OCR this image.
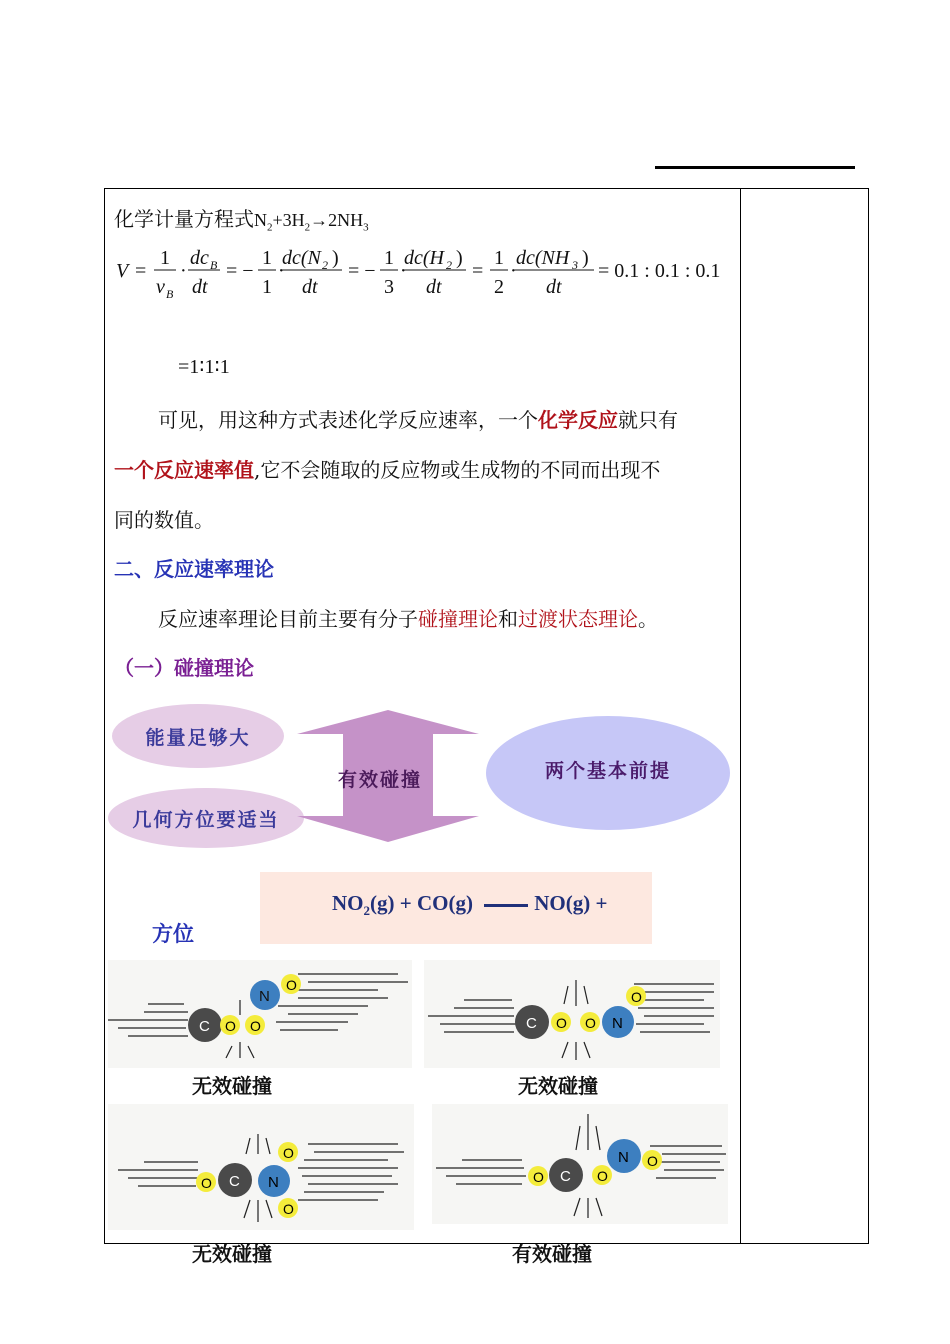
化学计量方程式$N_2+3H_2\to 2NH_3$
V =
1
v B
·
dc B
dt
= −
1
1
·
dc(N 2 )
dt
= −
1
3
·
dc(H 2 )
dt
=
1
2
·
dc(NH 3 )
dt
= 0.1 : 0.1 : 0.1
=1∶1∶1
可见，用这种方式表述化学反应速率，一个化学反应就只有
一个反应速率值,它不会随取的反应物或生成物的不同而出现不
同的数值。
二、反应速率理论
反应速率理论目前主要有分子碰撞理论和过渡状态理论。
（一）碰撞理论
能量足够大
几何方位要适当
有效碰撞	两个基本前提
$NO_2(g) + CO(g)$	NO(g) +
方位
C O O
N
O
无效碰撞
C O O N
O
无效碰撞
O C N
O
O
无效碰撞
O C O
N O
有效碰撞
